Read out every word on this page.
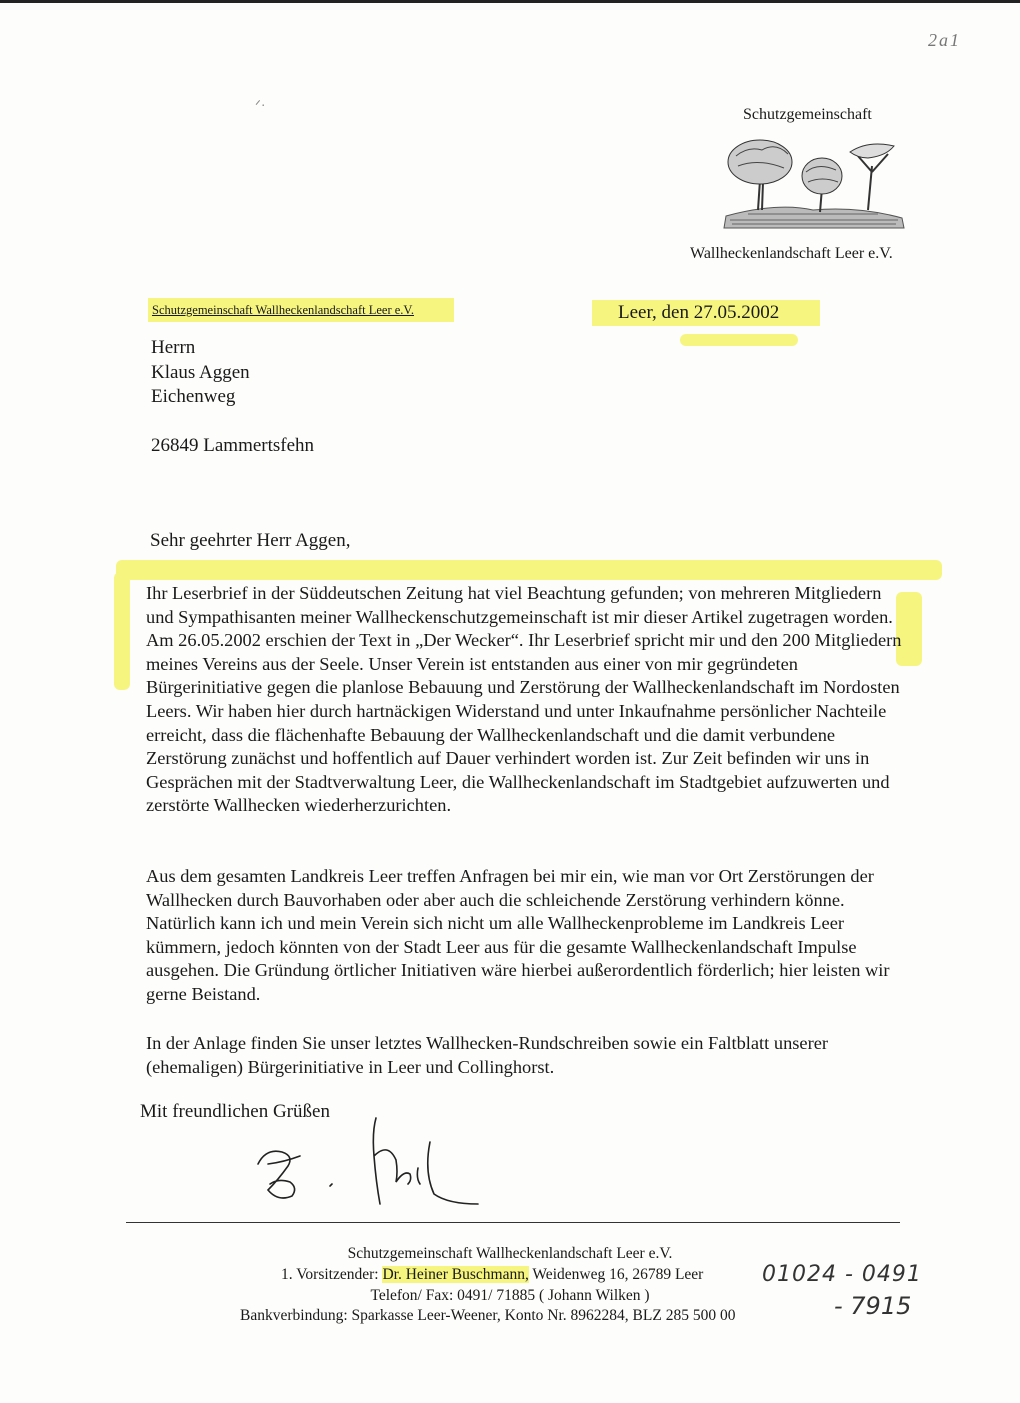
2a1
ᐟ·	Schutzgemeinschaft
Wallheckenlandschaft Leer e.V.
Schutzgemeinschaft Wallheckenlandschaft Leer e.V.	Leer, den 27.05.2002
Herrn
Klaus Aggen
Eichenweg
26849 Lammertsfehn
Sehr geehrter Herr Aggen,
Ihr Leserbrief in der Süddeutschen Zeitung hat viel Beachtung gefunden; von mehreren Mitgliedern und Sympathisanten meiner Wallheckenschutzgemeinschaft ist mir dieser Artikel zugetragen worden. Am 26.05.2002 erschien der Text in „Der Wecker“. Ihr Leserbrief spricht mir und den 200 Mitgliedern meines Vereins aus der Seele. Unser Verein ist entstanden aus einer von mir gegründeten Bürgerinitiative gegen die planlose Bebauung und Zerstörung der Wallheckenlandschaft im Nordosten Leers. Wir haben hier durch hartnäckigen Widerstand und unter Inkaufnahme persönlicher Nachteile erreicht, dass die flächenhafte Bebauung der Wallheckenlandschaft und die damit verbundene Zerstörung zunächst und hoffentlich auf Dauer verhindert worden ist. Zur Zeit befinden wir uns in Gesprächen mit der Stadtverwaltung Leer, die Wallheckenlandschaft im Stadtgebiet aufzuwerten und zerstörte Wallhecken wiederherzurichten.
Aus dem gesamten Landkreis Leer treffen Anfragen bei mir ein, wie man vor Ort Zerstörungen der Wallhecken durch Bauvorhaben oder aber auch die schleichende Zerstörung verhindern könne. Natürlich kann ich und mein Verein sich nicht um alle Wallheckenprobleme im Landkreis Leer kümmern, jedoch könnten von der Stadt Leer aus für die gesamte Wallheckenlandschaft Impulse ausgehen. Die Gründung örtlicher Initiativen wäre hierbei außerordentlich förderlich; hier leisten wir gerne Beistand.
In der Anlage finden Sie unser letztes Wallhecken-Rundschreiben sowie ein Faltblatt unserer (ehemaligen) Bürgerinitiative in Leer und Collinghorst.
Mit freundlichen Grüßen
Schutzgemeinschaft Wallheckenlandschaft Leer e.V.
1. Vorsitzender: Dr. Heiner Buschmann, Weidenweg 16, 26789 Leer
Telefon/ Fax: 0491/ 71885 ( Johann Wilken )
Bankverbindung: Sparkasse Leer-Weener, Konto Nr. 8962284, BLZ 285 500 00
01024 - 0491
- 7915
